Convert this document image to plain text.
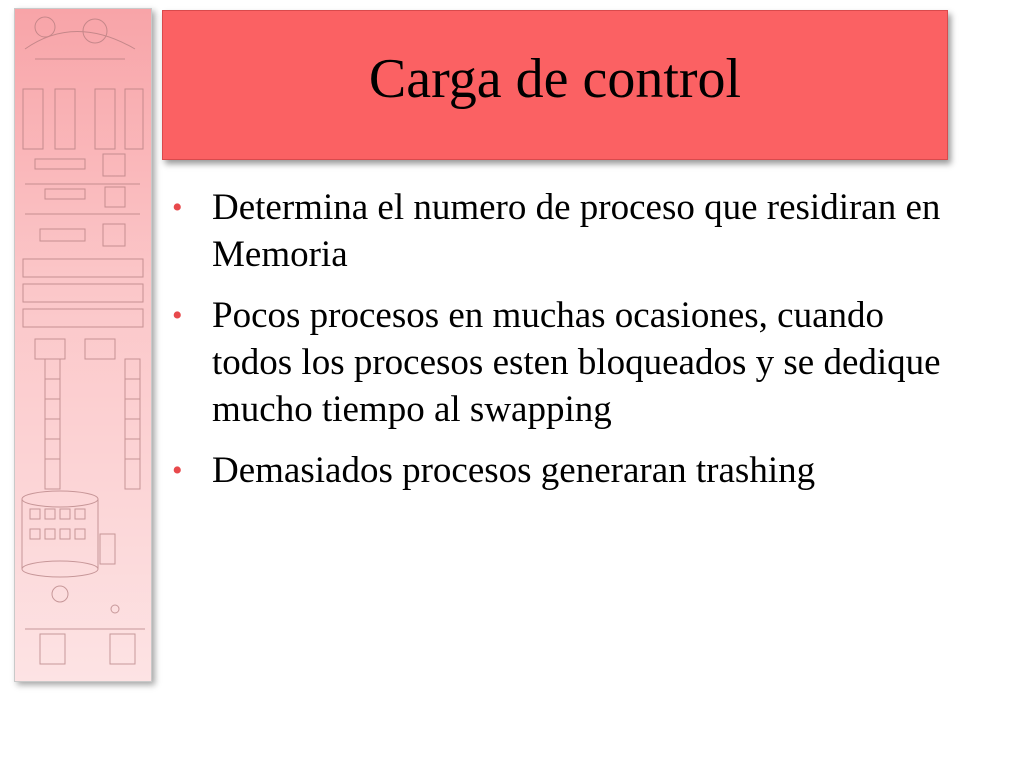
Carga de control
• Determina el numero de proceso que residiran en Memoria
• Pocos procesos en muchas ocasiones, cuando todos los procesos esten bloqueados y se dedique mucho tiempo al swapping
• Demasiados procesos generaran trashing
